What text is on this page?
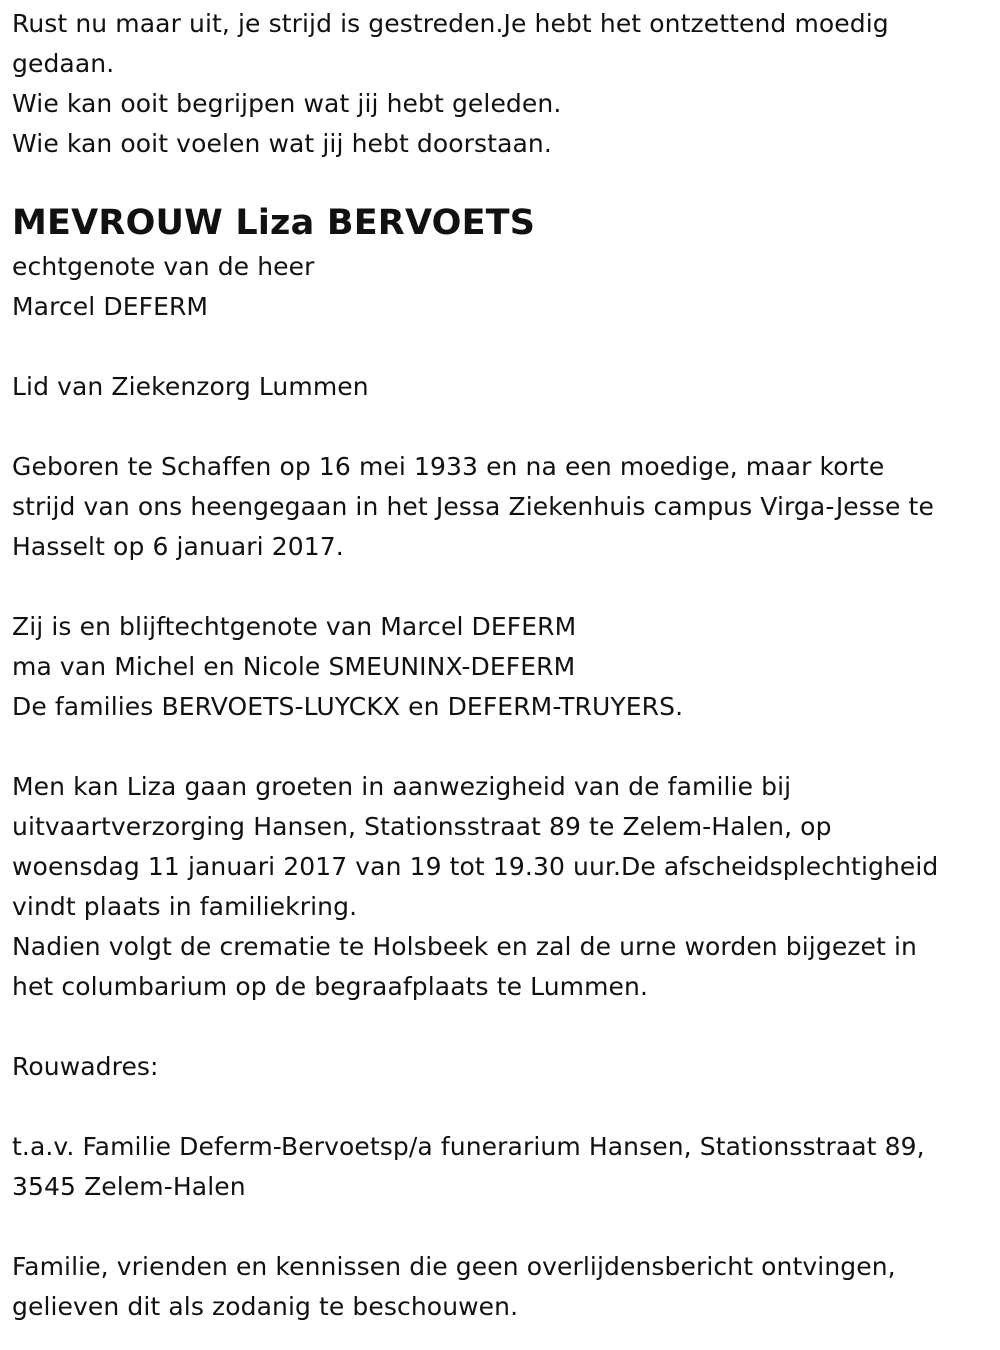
Rust nu maar uit, je strijd is gestreden.Je hebt het ontzettend moedig
gedaan.
Wie kan ooit begrijpen wat jij hebt geleden.
Wie kan ooit voelen wat jij hebt doorstaan.
MEVROUW Liza BERVOETS
echtgenote van de heer
Marcel DEFERM
Lid van Ziekenzorg Lummen
Geboren te Schaffen op 16 mei 1933 en na een moedige, maar korte
strijd van ons heengegaan in het Jessa Ziekenhuis campus Virga-Jesse te
Hasselt op 6 januari 2017.
Zij is en blijftechtgenote van Marcel DEFERM
ma van Michel en Nicole SMEUNINX-DEFERM
De families BERVOETS-LUYCKX en DEFERM-TRUYERS.
Men kan Liza gaan groeten in aanwezigheid van de familie bij
uitvaartverzorging Hansen, Stationsstraat 89 te Zelem-Halen, op
woensdag 11 januari 2017 van 19 tot 19.30 uur.De afscheidsplechtigheid
vindt plaats in familiekring.
Nadien volgt de crematie te Holsbeek en zal de urne worden bijgezet in
het columbarium op de begraafplaats te Lummen.
Rouwadres:
t.a.v. Familie Deferm-Bervoetsp/a funerarium Hansen, Stationsstraat 89,
3545 Zelem-Halen
Familie, vrienden en kennissen die geen overlijdensbericht ontvingen,
gelieven dit als zodanig te beschouwen.
